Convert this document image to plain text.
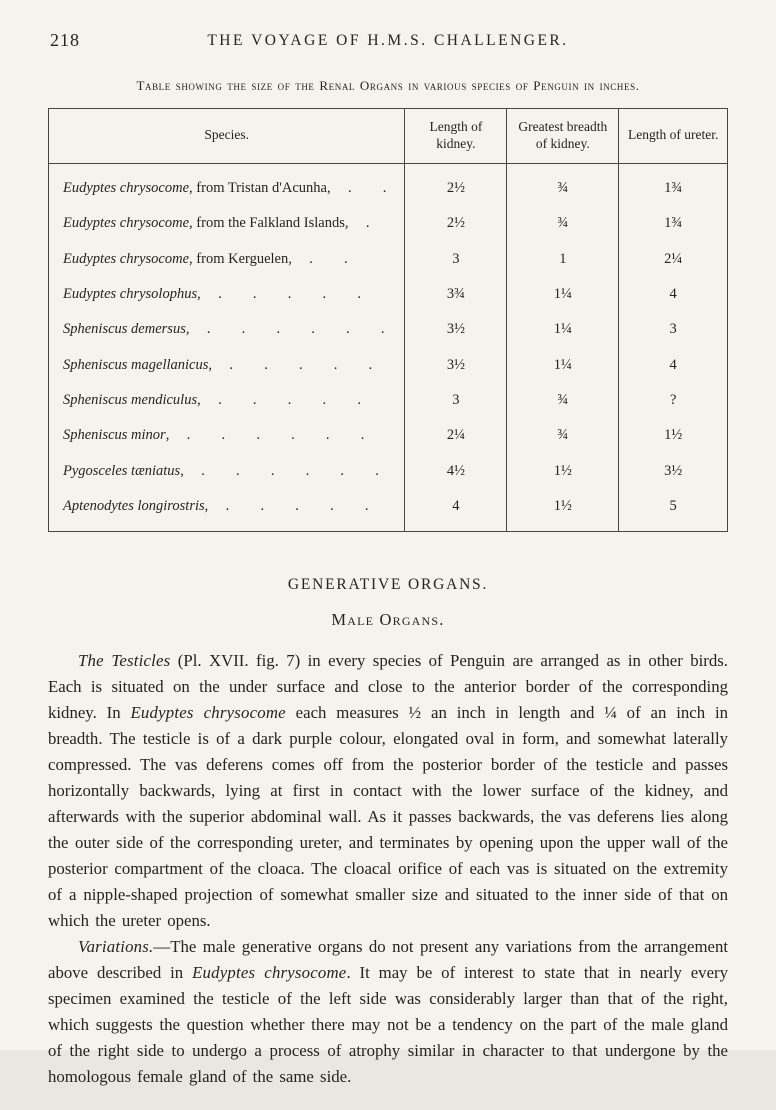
218	THE VOYAGE OF H.M.S. CHALLENGER.
Table showing the size of the Renal Organs in various species of Penguin in inches.
Species.	Length of kidney.	Greatest breadth of kidney.	Length of ureter.
Eudyptes chrysocome, from Tristan d'Acunha, . .	2½	¾	1¾
Eudyptes chrysocome, from the Falkland Islands, .	2½	¾	1¾
Eudyptes chrysocome, from Kerguelen, . .	3	1	2¼
Eudyptes chrysolophus, . . . . .	3¾	1¼	4
Spheniscus demersus, . . . . . .	3½	1¼	3
Spheniscus magellanicus, . . . . .	3½	1¼	4
Spheniscus mendiculus, . . . . .	3	¾	?
Spheniscus minor, . . . . . .	2¼	¾	1½
Pygosceles tæniatus, . . . . . .	4½	1½	3½
Aptenodytes longirostris, . . . . .	4	1½	5
GENERATIVE ORGANS.
Male Organs.

The Testicles (Pl. XVII. fig. 7) in every species of Penguin are arranged as in other birds. Each is situated on the under surface and close to the anterior border of the corresponding kidney. In Eudyptes chrysocome each measures ½ an inch in length and ¼ of an inch in breadth. The testicle is of a dark purple colour, elongated oval in form, and somewhat laterally compressed. The vas deferens comes off from the posterior border of the testicle and passes horizontally backwards, lying at first in contact with the lower surface of the kidney, and afterwards with the superior abdominal wall. As it passes backwards, the vas deferens lies along the outer side of the corresponding ureter, and terminates by opening upon the upper wall of the posterior compartment of the cloaca. The cloacal orifice of each vas is situated on the extremity of a nipple-shaped projection of somewhat smaller size and situated to the inner side of that on which the ureter opens.

Variations.—The male generative organs do not present any variations from the arrangement above described in Eudyptes chrysocome. It may be of interest to state that in nearly every specimen examined the testicle of the left side was considerably larger than that of the right, which suggests the question whether there may not be a tendency on the part of the male gland of the right side to undergo a process of atrophy similar in character to that undergone by the homologous female gland of the same side.
